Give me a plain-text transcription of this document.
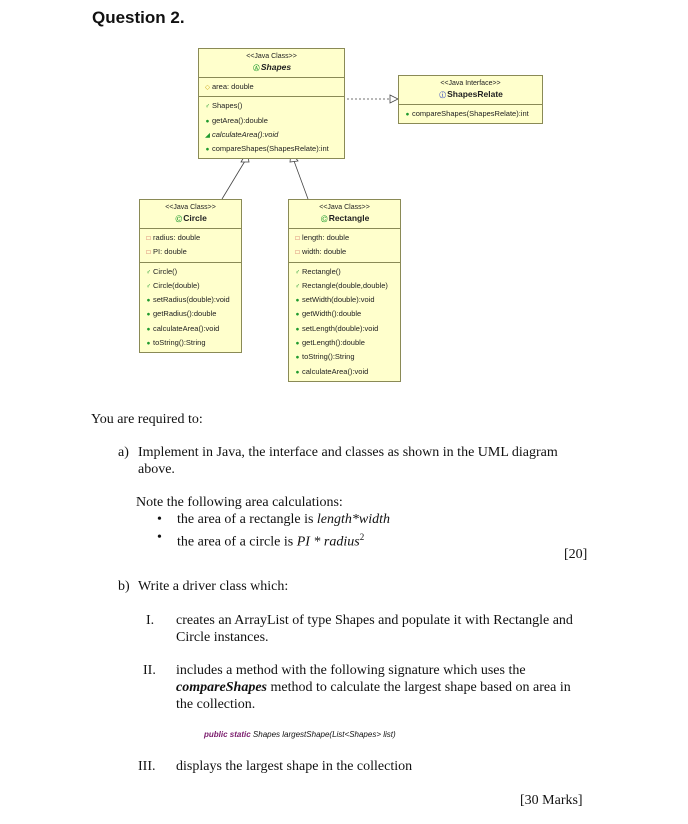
Question 2.
<<Java Class>>
ⒶShapes
◇ area: double
♂ Shapes()
● getArea():double
◢ calculateArea():void
● compareShapes(ShapesRelate):int
<<Java Interface>>
ⓘShapesRelate
● compareShapes(ShapesRelate):int
<<Java Class>>
ⒸCircle
□ radius: double
□ PI: double
♂ Circle()
♂ Circle(double)
● setRadius(double):void
● getRadius():double
● calculateArea():void
● toString():String
<<Java Class>>
ⒸRectangle
□ length: double
□ width: double
♂ Rectangle()
♂ Rectangle(double,double)
● setWidth(double):void
● getWidth():double
● setLength(double):void
● getLength():double
● toString():String
● calculateArea():void
You are required to:
a) Implement in Java, the interface and classes as shown in the UML diagram
above.
Note the following area calculations:
• the area of a rectangle is length*width
• the area of a circle is PI * radius$^2$
[20]
b) Write a driver class which:
I. creates an ArrayList of type Shapes and populate it with Rectangle and
Circle instances.
II. includes a method with the following signature which uses the
compareShapes method to calculate the largest shape based on area in
the collection.
public static Shapes largestShape(List<Shapes> list)
III. displays the largest shape in the collection
[30 Marks]
